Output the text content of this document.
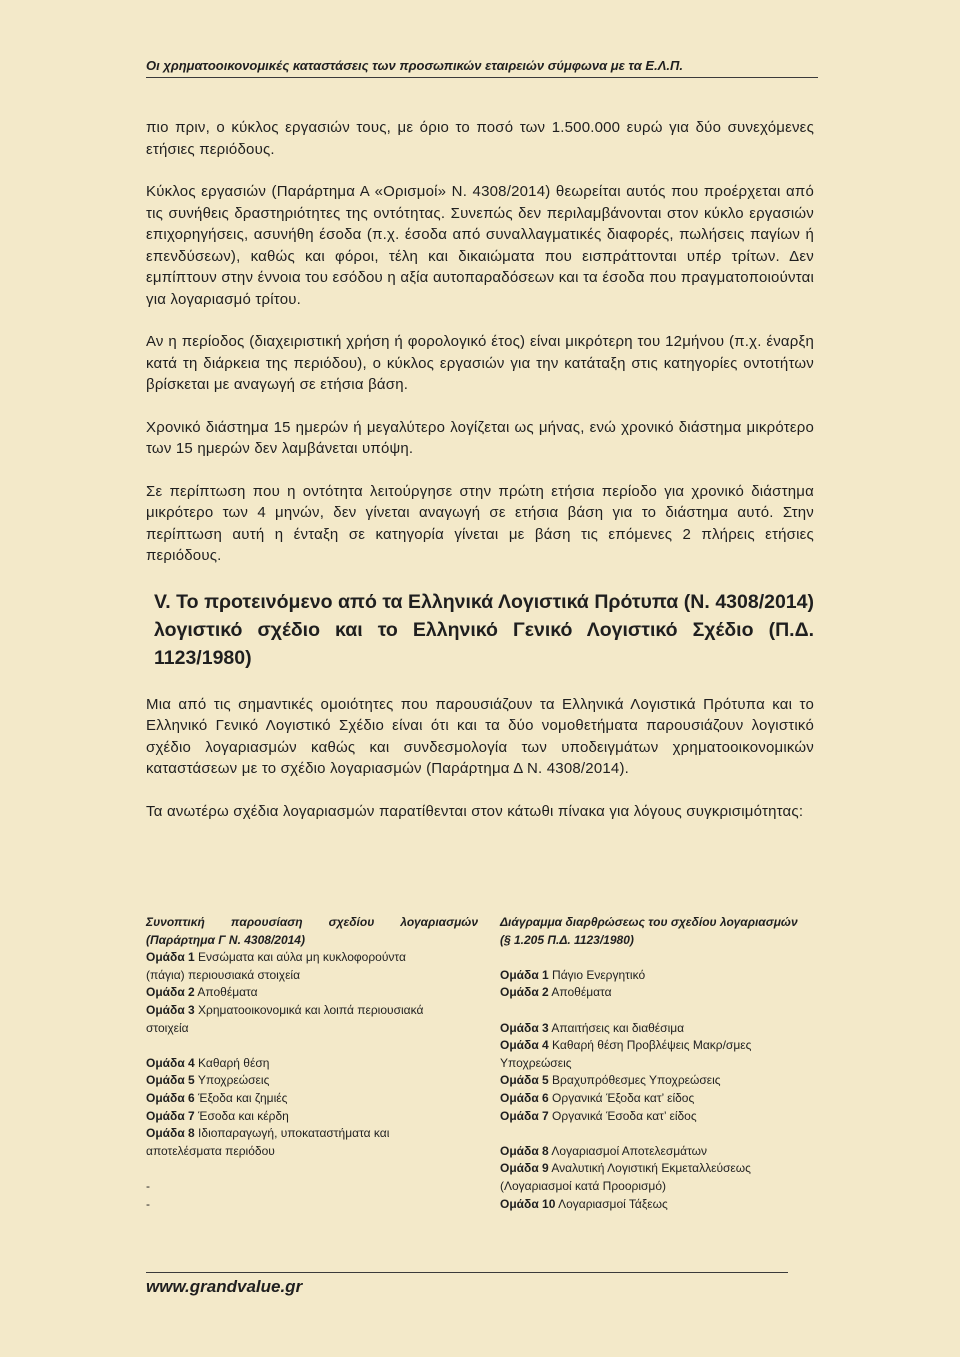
Οι χρηματοοικονομικές καταστάσεις των προσωπικών εταιρειών σύμφωνα με τα Ε.Λ.Π.

πιο πριν, ο κύκλος εργασιών τους, με όριο το ποσό των 1.500.000 ευρώ για δύο συνεχόμενες ετήσιες περιόδους.

Κύκλος εργασιών (Παράρτημα Α «Ορισμοί» Ν. 4308/2014) θεωρείται αυτός που προέρχεται από τις συνήθεις δραστηριότητες της οντότητας. Συνεπώς δεν περιλαμβάνονται στον κύκλο εργασιών επιχορηγήσεις, ασυνήθη έσοδα (π.χ. έσοδα από συναλλαγματικές διαφορές, πωλήσεις παγίων ή επενδύσεων), καθώς και φόροι, τέλη και δικαιώματα που εισπράττονται υπέρ τρίτων. Δεν εμπίπτουν στην έννοια του εσόδου η αξία αυτοπαραδόσεων και τα έσοδα που πραγματοποιούνται για λογαριασμό τρίτου.

Αν η περίοδος (διαχειριστική χρήση ή φορολογικό έτος) είναι μικρότερη του 12μήνου (π.χ. έναρξη κατά τη διάρκεια της περιόδου), ο κύκλος εργασιών για την κατάταξη στις κατηγορίες οντοτήτων βρίσκεται με αναγωγή σε ετήσια βάση.

Χρονικό διάστημα 15 ημερών ή μεγαλύτερο λογίζεται ως μήνας, ενώ χρονικό διάστημα μικρότερο των 15 ημερών δεν λαμβάνεται υπόψη.

Σε περίπτωση που η οντότητα λειτούργησε στην πρώτη ετήσια περίοδο για χρονικό διάστημα μικρότερο των 4 μηνών, δεν γίνεται αναγωγή σε ετήσια βάση για το διάστημα αυτό. Στην περίπτωση αυτή η ένταξη σε κατηγορία γίνεται με βάση τις επόμενες 2 πλήρεις ετήσιες περιόδους.

V. Το προτεινόμενο από τα Ελληνικά Λογιστικά Πρότυπα (Ν. 4308/2014) λογιστικό σχέδιο και το Ελληνικό Γενικό Λογιστικό Σχέδιο (Π.Δ. 1123/1980)

Μια από τις σημαντικές ομοιότητες που παρουσιάζουν τα Ελληνικά Λογιστικά Πρότυπα και το Ελληνικό Γενικό Λογιστικό Σχέδιο είναι ότι και τα δύο νομοθετήματα παρουσιάζουν λογιστικό σχέδιο λογαριασμών καθώς και συνδεσμολογία των υποδειγμάτων χρηματοοικονομικών καταστάσεων με το σχέδιο λογαριασμών (Παράρτημα Δ Ν. 4308/2014).

Τα ανωτέρω σχέδια λογαριασμών παρατίθενται στον κάτωθι πίνακα για λόγους συγκρισιμότητας:

Συνοπτική παρουσίαση σχεδίου λογαριασμών
(Παράρτημα Γ Ν. 4308/2014)
Ομάδα 1 Ενσώματα και αύλα μη κυκλοφορούντα
(πάγια) περιουσιακά στοιχεία
Ομάδα 2 Αποθέματα
Ομάδα 3 Χρηματοοικονομικά και λοιπά περιουσιακά
στοιχεία
Ομάδα 4 Καθαρή θέση
Ομάδα 5 Υποχρεώσεις
Ομάδα 6 Έξοδα και ζημιές
Ομάδα 7 Έσοδα και κέρδη
Ομάδα 8 Ιδιοπαραγωγή, υποκαταστήματα και
αποτελέσματα περιόδου
-
-
Διάγραμμα διαρθρώσεως του σχεδίου λογαριασμών
(§ 1.205 Π.Δ. 1123/1980)
Ομάδα 1 Πάγιο Ενεργητικό
Ομάδα 2 Αποθέματα
Ομάδα 3 Απαιτήσεις και διαθέσιμα
Ομάδα 4 Καθαρή θέση Προβλέψεις Μακρ/σμες
Υποχρεώσεις
Ομάδα 5 Βραχυπρόθεσμες Υποχρεώσεις
Ομάδα 6 Οργανικά Έξοδα κατ’ είδος
Ομάδα 7 Οργανικά Έσοδα κατ’ είδος
Ομάδα 8 Λογαριασμοί Αποτελεσμάτων
Ομάδα 9 Αναλυτική Λογιστική Εκμεταλλεύσεως
(Λογαριασμοί κατά Προορισμό)
Ομάδα 10 Λογαριασμοί Τάξεως
www.grandvalue.gr
